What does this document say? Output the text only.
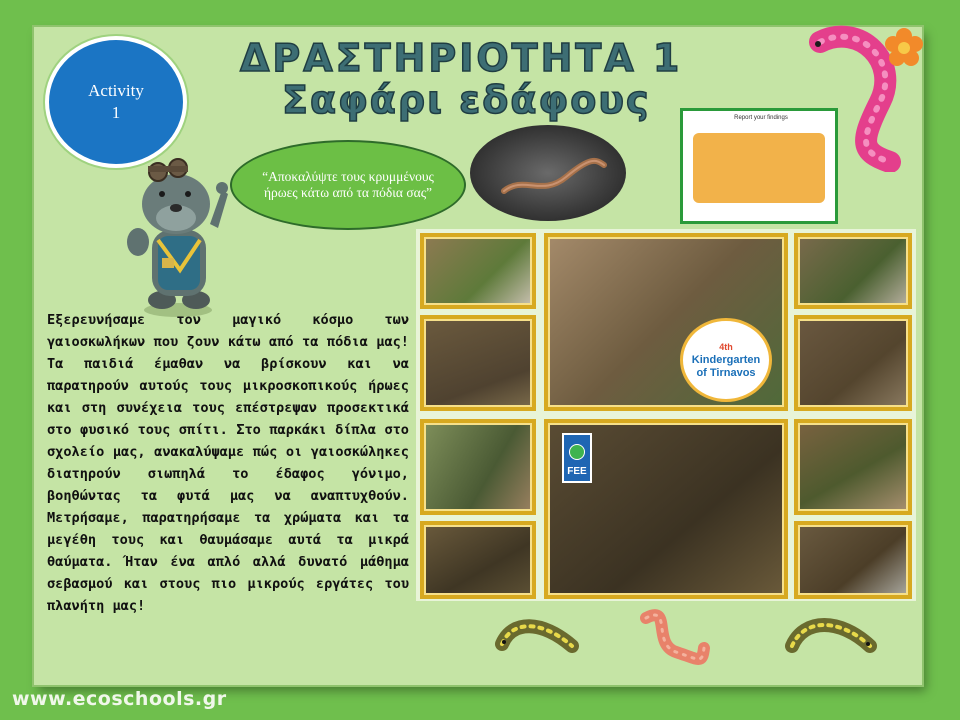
ΔΡΑΣΤΗΡΙΟΤΗΤΑ 1
Σαφάρι εδάφους
Activity
1
“Αποκαλύψτε τους κρυμμένους ήρωες κάτω από τα πόδια σας”
Report your findings
Εξερευνήσαμε τον μαγικό κόσμο των γαιοσκωλήκων που ζουν κάτω από τα πόδια μας! Τα παιδιά έμαθαν να βρίσκουν και να παρατηρούν αυτούς τους μικροσκοπικούς ήρωες και στη συνέχεια τους επέστρεψαν προσεκτικά στο φυσικό τους σπίτι. Στο παρκάκι δίπλα στο σχολείο μας, ανακαλύψαμε πώς οι γαιοσκώληκες διατηρούν σιωπηλά το έδαφος γόνιμο, βοηθώντας τα φυτά μας να αναπτυχθούν. Μετρήσαμε, παρατηρήσαμε τα χρώματα και τα μεγέθη τους και θαυμάσαμε αυτά τα μικρά θαύματα. Ήταν ένα απλό αλλά δυνατό μάθημα σεβασμού και στους πιο μικρούς εργάτες του πλανήτη μας!
4th
Kindergarten
of Tirnavos
FEE
www.ecoschools.gr
